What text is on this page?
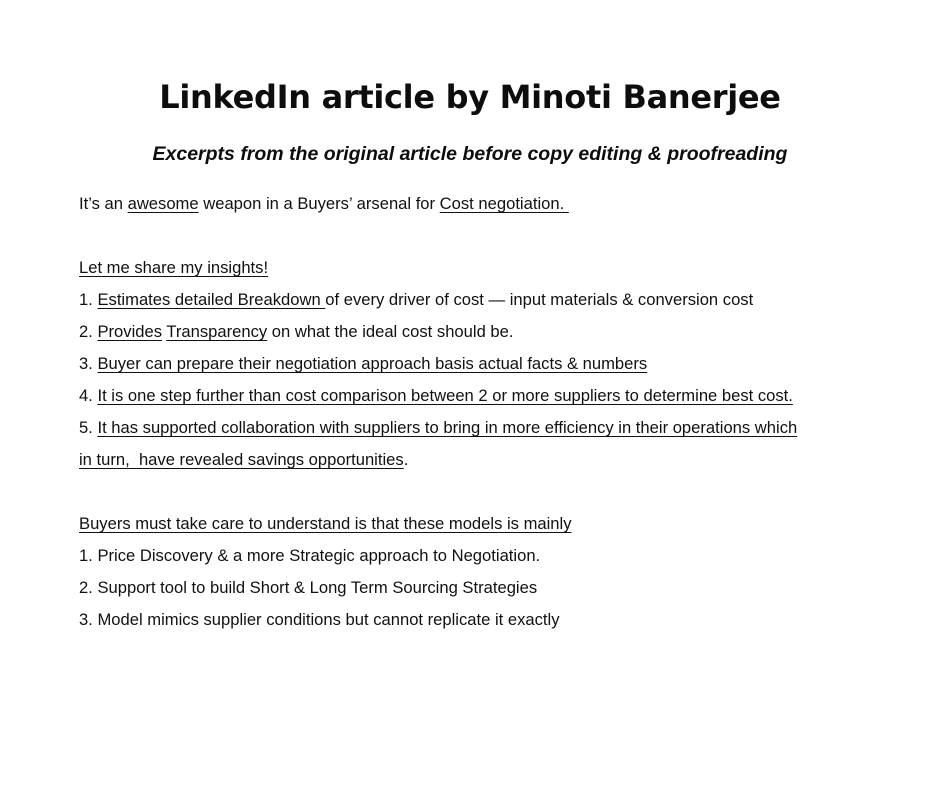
LinkedIn article by Minoti Banerjee
Excerpts from the original article before copy editing & proofreading
It’s an awesome weapon in a Buyers’ arsenal for Cost negotiation.
Let me share my insights!
1. Estimates detailed Breakdown of every driver of cost — input materials & conversion cost
2. Provides Transparency on what the ideal cost should be.
3. Buyer can prepare their negotiation approach basis actual facts & numbers
4. It is one step further than cost comparison between 2 or more suppliers to determine best cost.
5. It has supported collaboration with suppliers to bring in more efficiency in their operations which
in turn,  have revealed savings opportunities.
Buyers must take care to understand is that these models is mainly
1. Price Discovery & a more Strategic approach to Negotiation.
2. Support tool to build Short & Long Term Sourcing Strategies
3. Model mimics supplier conditions but cannot replicate it exactly
